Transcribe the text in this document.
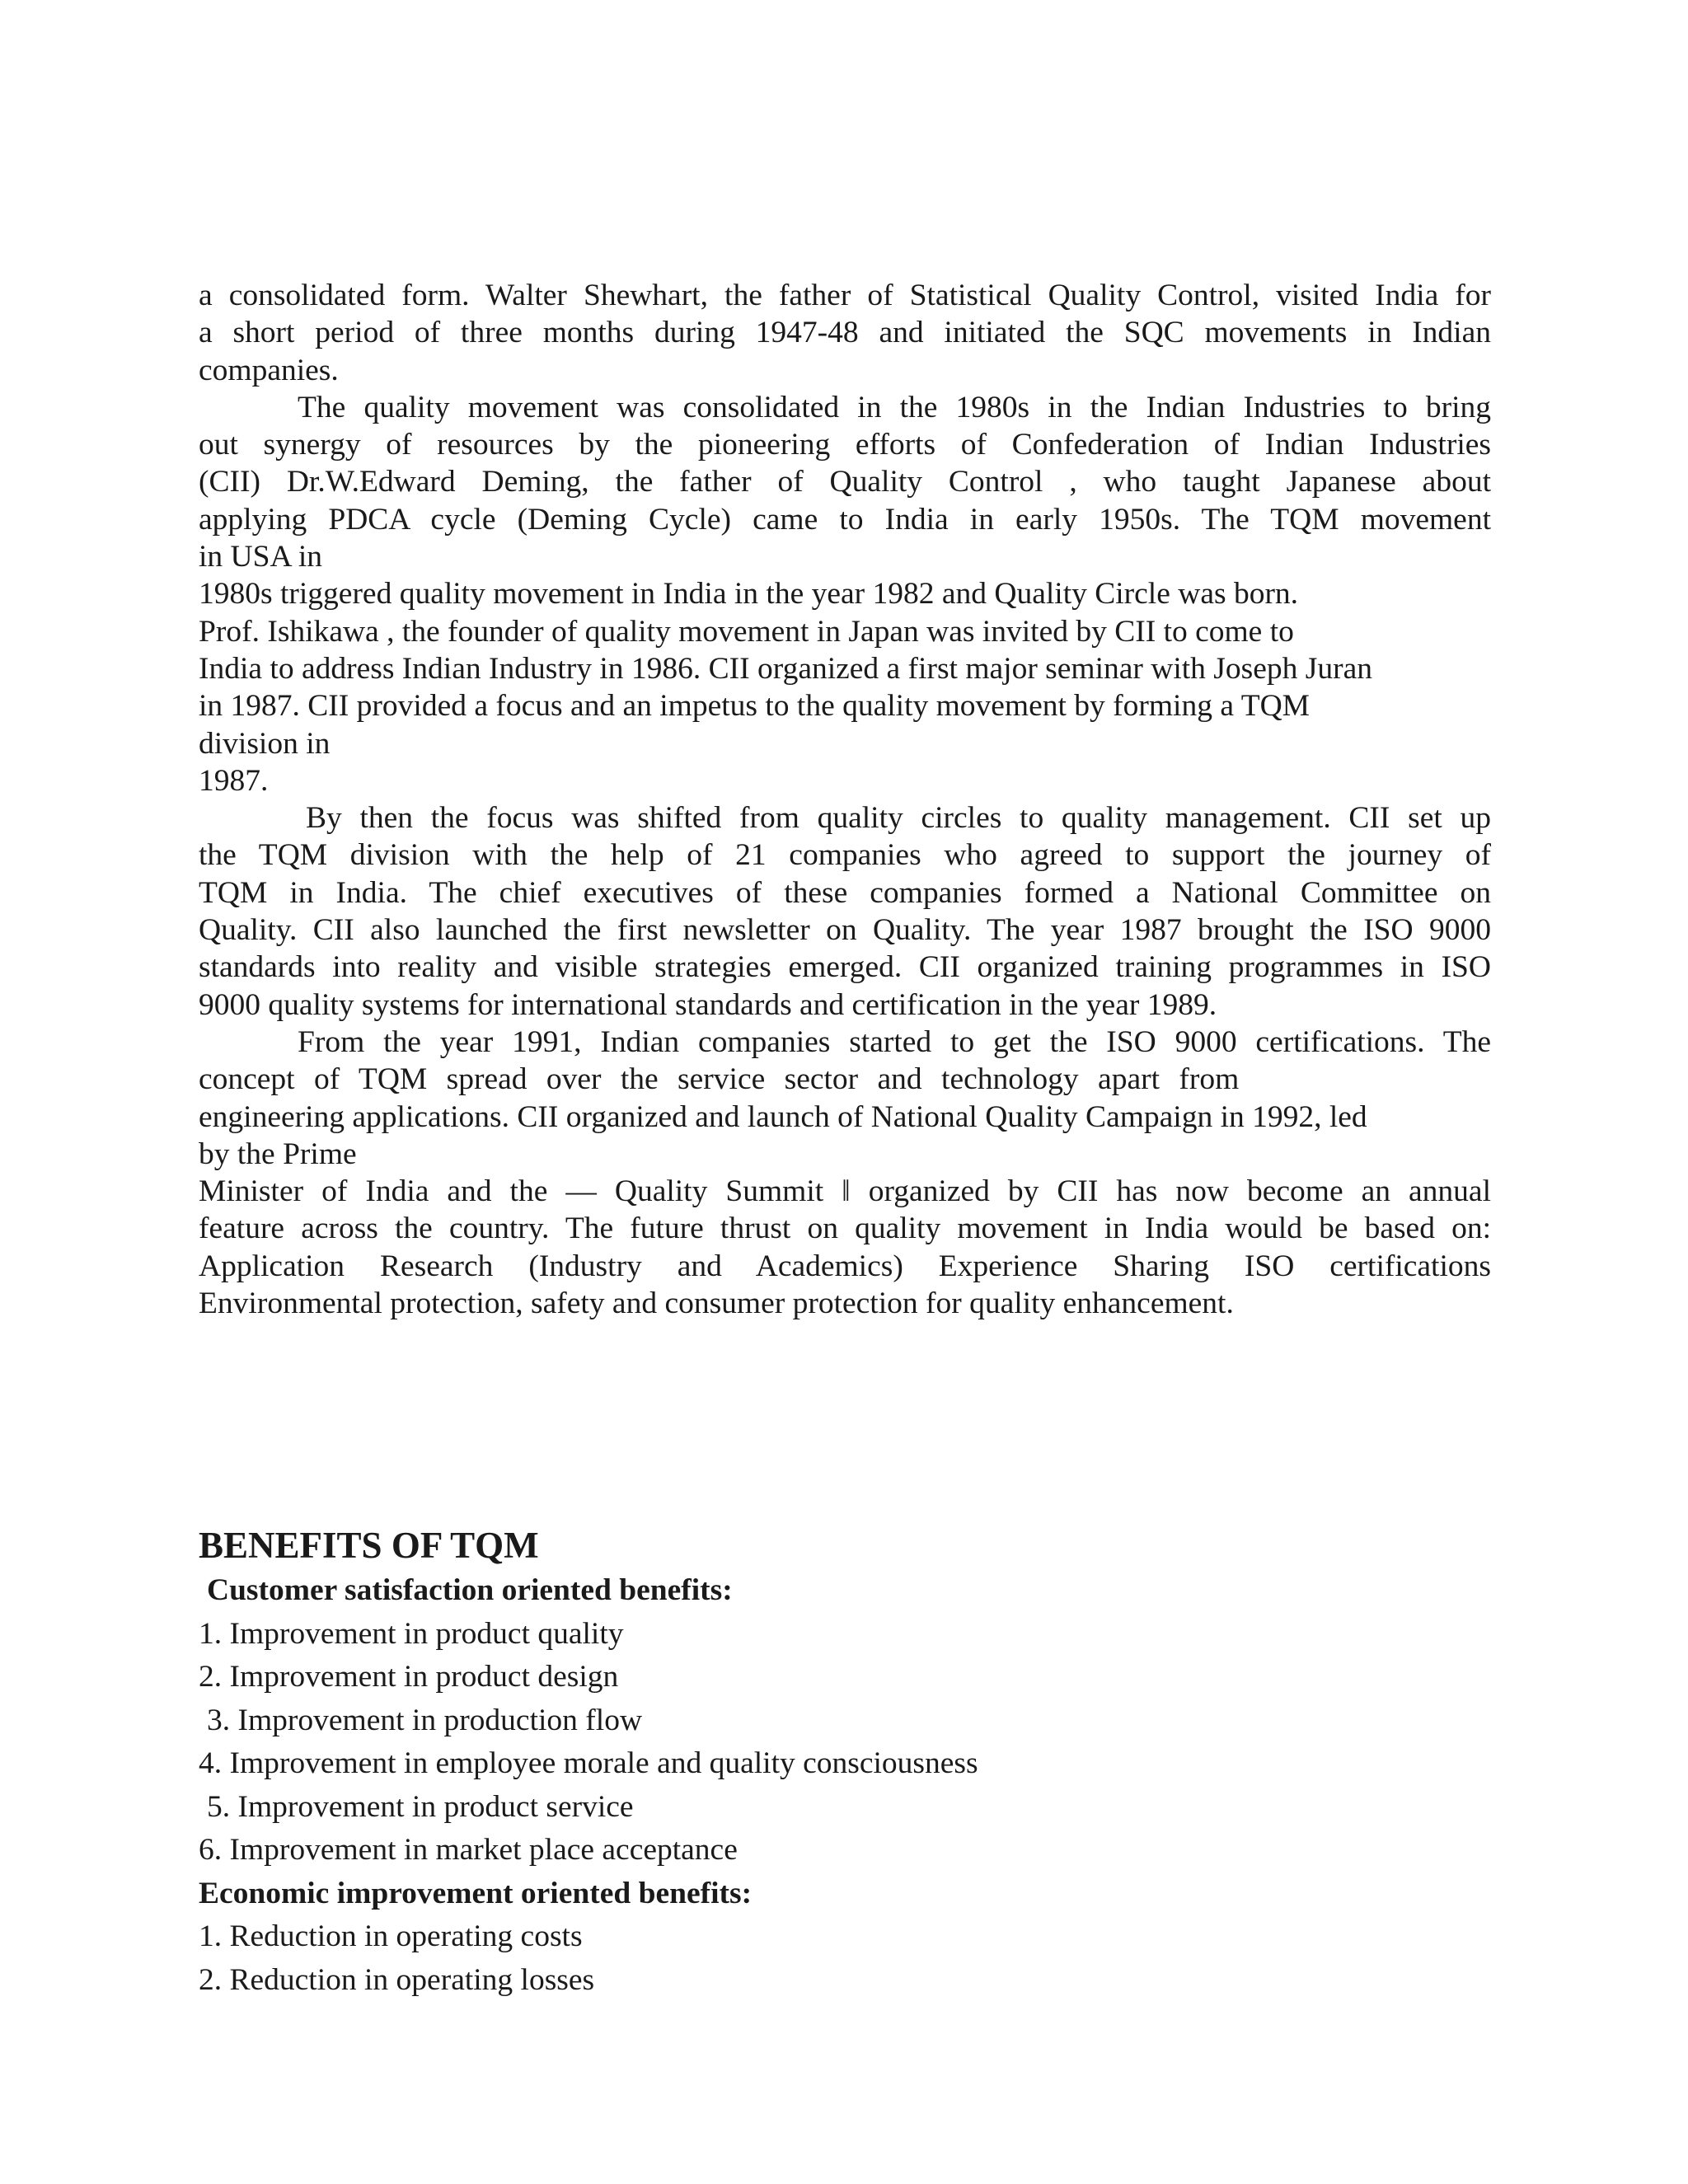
a consolidated form. Walter Shewhart, the father of Statistical Quality Control, visited India for
a short period of three months during 1947-48 and initiated the SQC movements in Indian
companies.

The quality movement was consolidated in the 1980s in the Indian Industries to bring
out synergy of resources by the pioneering efforts of Confederation of Indian Industries
(CII) Dr.W.Edward Deming, the father of Quality Control , who taught Japanese about
applying PDCA cycle (Deming Cycle) came to India in early 1950s. The TQM movement
in USA in
1980s triggered quality movement in India in the year 1982 and Quality Circle was born.
Prof. Ishikawa , the founder of quality movement in Japan was invited by CII to come to
India to address Indian Industry in 1986. CII organized a first major seminar with Joseph Juran
in 1987. CII provided a focus and an impetus to the quality movement by forming a TQM
division in
1987.

By then the focus was shifted from quality circles to quality management. CII set up
the TQM division with the help of 21 companies who agreed to support the journey of
TQM in India. The chief executives of these companies formed a National Committee on
Quality. CII also launched the first newsletter on Quality. The year 1987 brought the ISO 9000
standards into reality and visible strategies emerged. CII organized training programmes in ISO
9000 quality systems for international standards and certification in the year 1989.

From the year 1991, Indian companies started to get the ISO 9000 certifications. The
concept of TQM spread over the service sector and technology apart from
engineering applications. CII organized and launch of National Quality Campaign in 1992, led
by the Prime
Minister of India and the ― Quality Summit ‖ organized by CII has now become an annual
feature across the country. The future thrust on quality movement in India would be based on:
Application Research (Industry and Academics) Experience Sharing ISO certifications
Environmental protection, safety and consumer protection for quality enhancement.

BENEFITS OF TQM

Customer satisfaction oriented benefits:

1. Improvement in product quality

2. Improvement in product design

3. Improvement in production flow

4. Improvement in employee morale and quality consciousness

5. Improvement in product service

6. Improvement in market place acceptance

Economic improvement oriented benefits:

1. Reduction in operating costs

2. Reduction in operating losses
